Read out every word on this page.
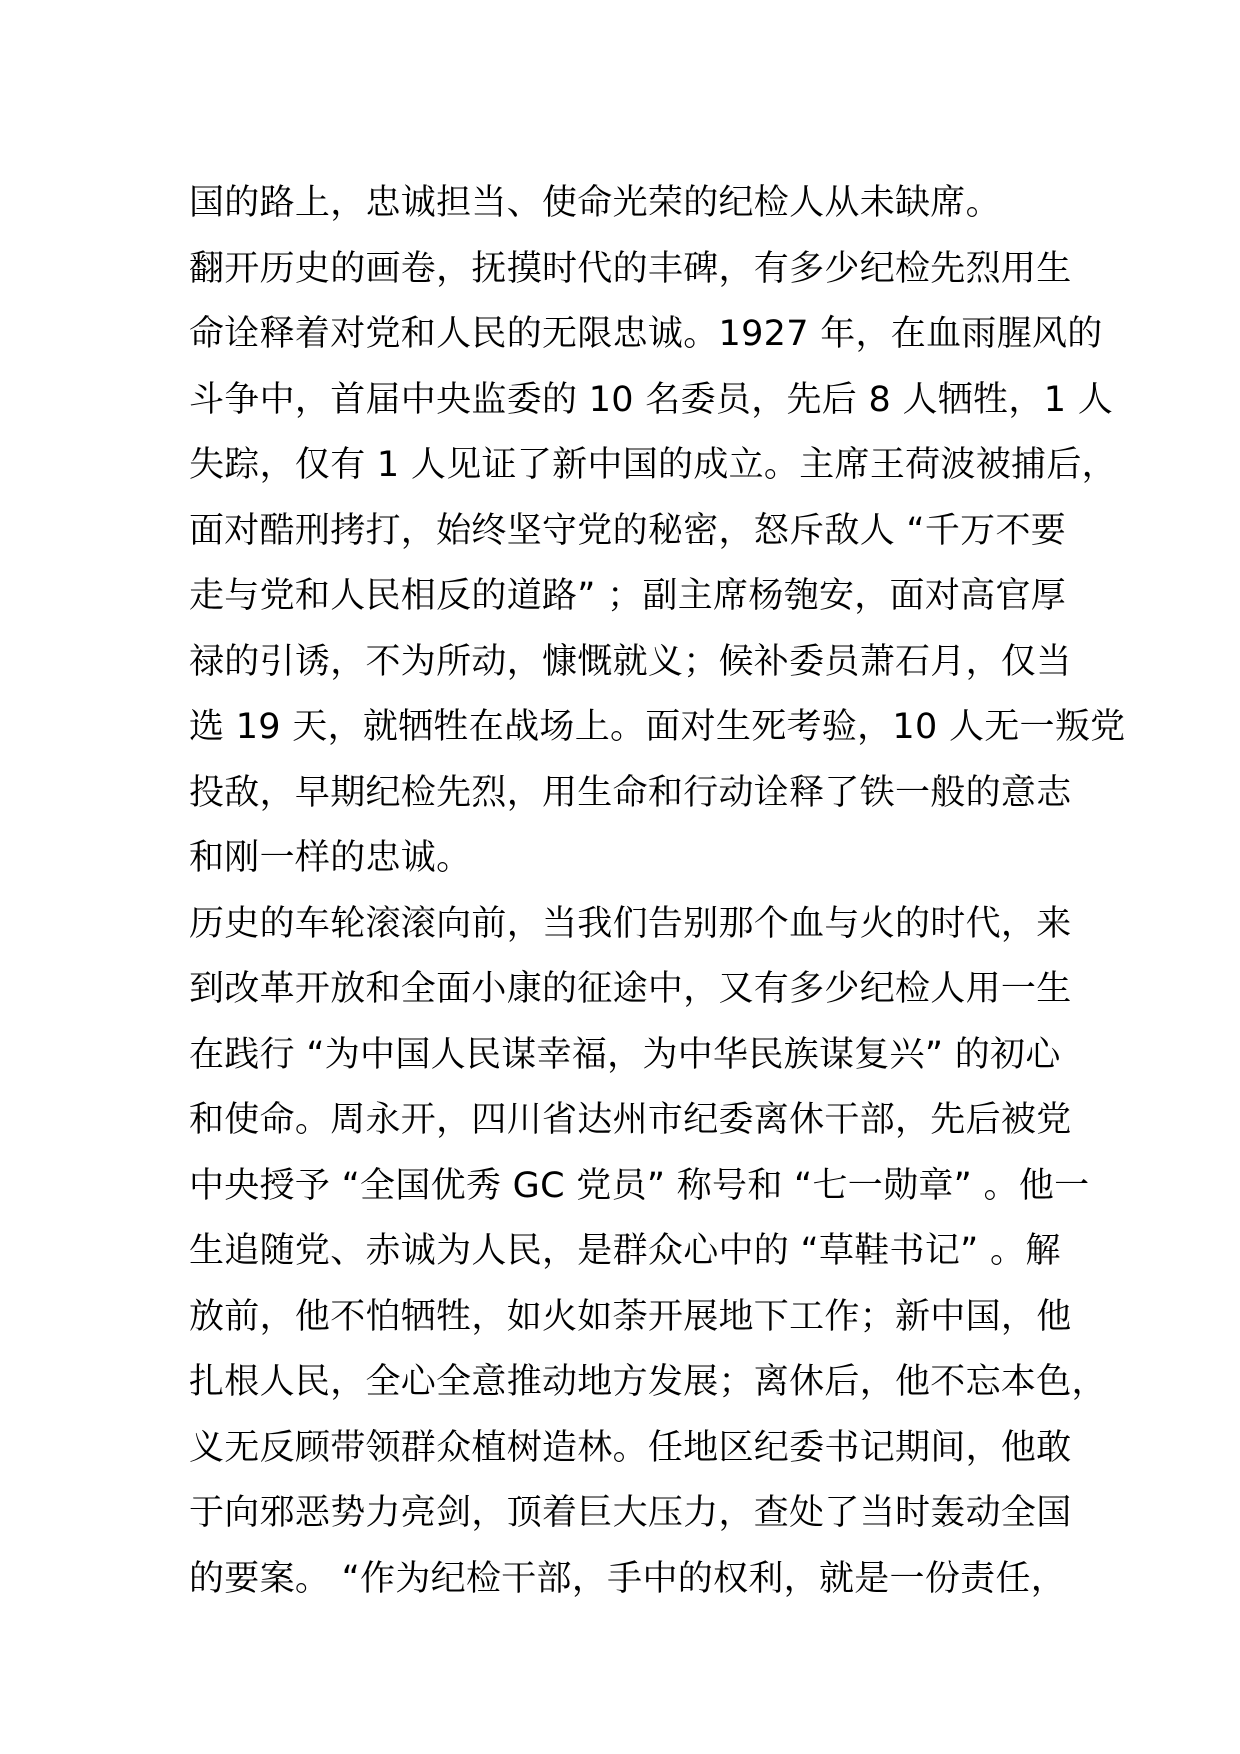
国的路上，忠诚担当、使命光荣的纪检人从未缺席。
翻开历史的画卷，抚摸时代的丰碑，有多少纪检先烈用生
命诠释着对党和人民的无限忠诚。1927 年，在血雨腥风的
斗争中，首届中央监委的 10 名委员，先后 8 人牺牲，1 人
失踪，仅有 1 人见证了新中国的成立。主席王荷波被捕后，
面对酷刑拷打，始终坚守党的秘密，怒斥敌人 “千万不要
走与党和人民相反的道路” ；副主席杨匏安，面对高官厚
禄的引诱，不为所动，慷慨就义；候补委员萧石月，仅当
选 19 天，就牺牲在战场上。面对生死考验，10 人无一叛党
投敌，早期纪检先烈，用生命和行动诠释了铁一般的意志
和刚一样的忠诚。
历史的车轮滚滚向前，当我们告别那个血与火的时代，来
到改革开放和全面小康的征途中，又有多少纪检人用一生
在践行 “为中国人民谋幸福，为中华民族谋复兴” 的初心
和使命。周永开，四川省达州市纪委离休干部，先后被党
中央授予 “全国优秀 GC 党员” 称号和 “七一勋章” 。他一
生追随党、赤诚为人民，是群众心中的 “草鞋书记” 。解
放前，他不怕牺牲，如火如荼开展地下工作；新中国，他
扎根人民，全心全意推动地方发展；离休后，他不忘本色，
义无反顾带领群众植树造林。任地区纪委书记期间，他敢
于向邪恶势力亮剑，顶着巨大压力，查处了当时轰动全国
的要案。 “作为纪检干部，手中的权利，就是一份责任，
